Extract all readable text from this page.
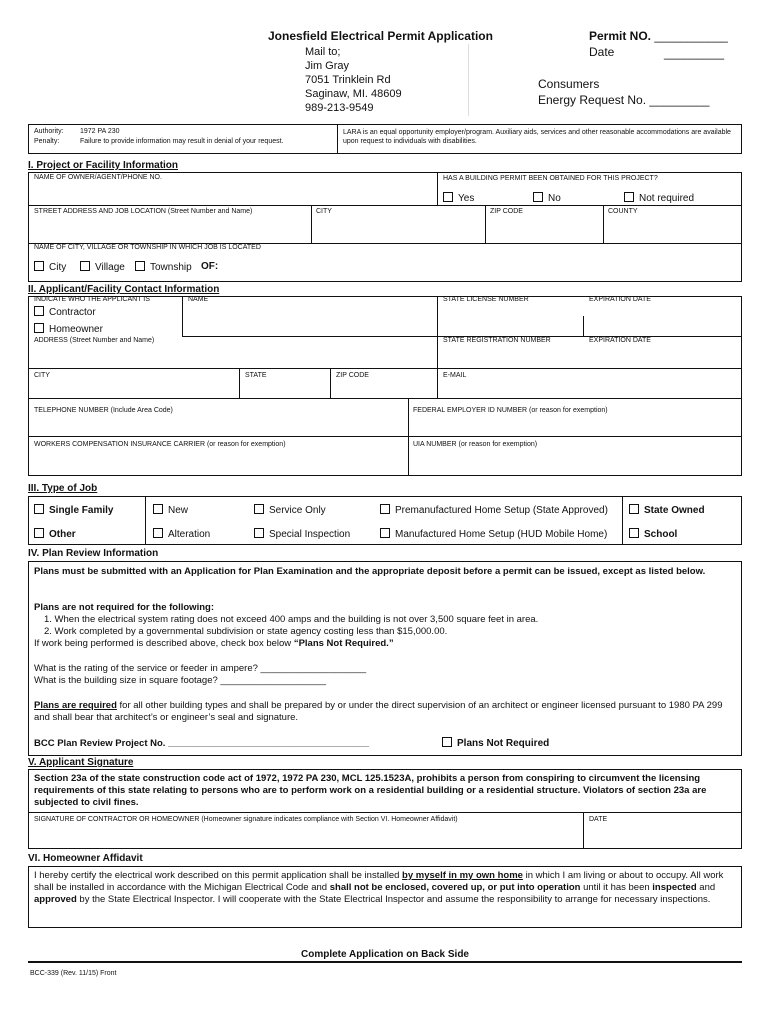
Jonesfield Electrical Permit Application
Mail to;
Jim Gray
7051 Trinklein Rd
Saginaw, MI. 48609
989-213-9549
Permit NO. ___________
Date	_________
Consumers
Energy Request No. _________
Authority: 1972 PA 230
Penalty:	Failure to provide information may result in denial of your request.
LARA is an equal opportunity employer/program. Auxiliary aids, services and other reasonable accommodations are available upon request to individuals with disabilities.
I. Project or Facility Information
NAME OF OWNER/AGENT/PHONE NO.	HAS A BUILDING PERMIT BEEN OBTAINED FOR THIS PROJECT?
Yes	No	Not required
STREET ADDRESS AND JOB LOCATION (Street Number and Name)	CITY	ZIP CODE	COUNTY
NAME OF CITY, VILLAGE OR TOWNSHIP IN WHICH JOB IS LOCATED
City	Village	Township OF:
II. Applicant/Facility Contact Information
INDICATE WHO THE APPLICANT IS
Contractor
Homeowner
NAME	STATE LICENSE NUMBER	EXPIRATION DATE
ADDRESS (Street Number and Name)	STATE REGISTRATION NUMBER	EXPIRATION DATE
CITY	STATE	ZIP CODE	E-MAIL
TELEPHONE NUMBER (Include Area Code)	FEDERAL EMPLOYER ID NUMBER (or reason for exemption)
WORKERS COMPENSATION INSURANCE CARRIER (or reason for exemption)	UIA NUMBER (or reason for exemption)
III. Type of Job
Single Family	New	Service Only	Premanufactured Home Setup (State Approved)	State Owned
Other	Alteration	Special Inspection	Manufactured Home Setup (HUD Mobile Home)	School
IV. Plan Review Information
Plans must be submitted with an Application for Plan Examination and the appropriate deposit before a permit can be issued, except as listed below.
Plans are not required for the following:
1. When the electrical system rating does not exceed 400 amps and the building is not over 3,500 square feet in area.
2. Work completed by a governmental subdivision or state agency costing less than $15,000.00.
If work being performed is described above, check box below “Plans Not Required.”
What is the rating of the service or feeder in ampere? ____________________
What is the building size in square footage? ____________________
Plans are required for all other building types and shall be prepared by or under the direct supervision of an architect or engineer licensed pursuant to 1980 PA 299 and shall bear that architect’s or engineer’s seal and signature.
BCC Plan Review Project No. ______________________________________	Plans Not Required
V. Applicant Signature
Section 23a of the state construction code act of 1972, 1972 PA 230, MCL 125.1523A, prohibits a person from conspiring to circumvent the licensing requirements of this state relating to persons who are to perform work on a residential building or a residential structure. Violators of section 23a are subjected to civil fines.
SIGNATURE OF CONTRACTOR OR HOMEOWNER (Homeowner signature indicates compliance with Section VI. Homeowner Affidavit)	DATE
VI. Homeowner Affidavit
I hereby certify the electrical work described on this permit application shall be installed by myself in my own home in which I am living or about to occupy. All work shall be installed in accordance with the Michigan Electrical Code and shall not be enclosed, covered up, or put into operation until it has been inspected and approved by the State Electrical Inspector. I will cooperate with the State Electrical Inspector and assume the responsibility to arrange for necessary inspections.
Complete Application on Back Side
BCC-339 (Rev. 11/15) Front
